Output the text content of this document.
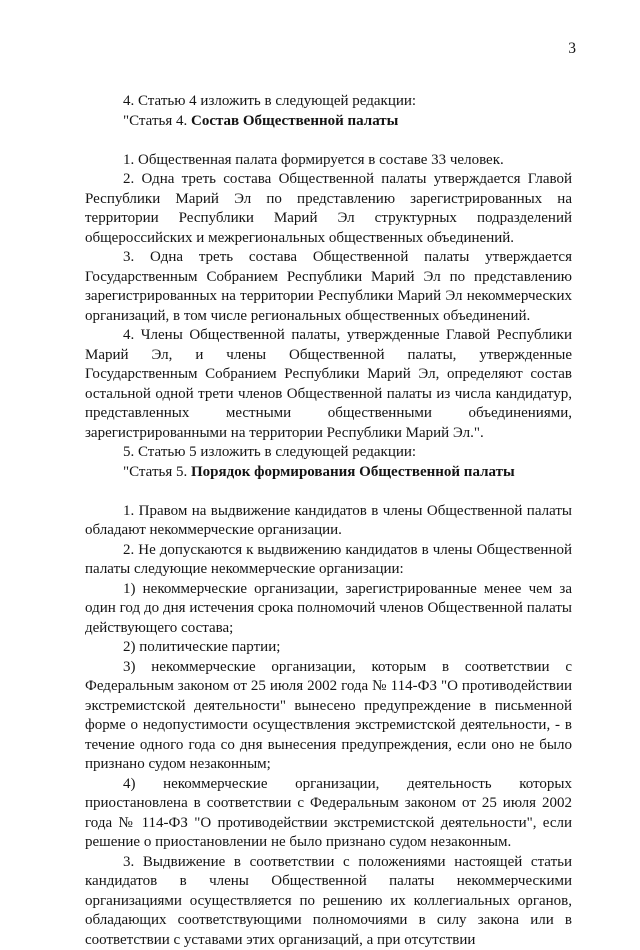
3

4. Статью 4 изложить в следующей редакции:

"Статья 4. Состав Общественной палаты

1. Общественная палата формируется в составе 33 человек.

2. Одна треть состава Общественной палаты утверждается Главой Республики Марий Эл по представлению зарегистрированных на территории Республики Марий Эл структурных подразделений общероссийских и межрегиональных общественных объединений.

3. Одна треть состава Общественной палаты утверждается Государственным Собранием Республики Марий Эл по представлению зарегистрированных на территории Республики Марий Эл некоммерческих организаций, в том числе региональных общественных объединений.

4. Члены Общественной палаты, утвержденные Главой Республики Марий Эл, и члены Общественной палаты, утвержденные Государственным Собранием Республики Марий Эл, определяют состав остальной одной трети членов Общественной палаты из числа кандидатур, представленных местными общественными объединениями, зарегистрированными на территории Республики Марий Эл.".

5. Статью 5 изложить в следующей редакции:

"Статья 5. Порядок формирования Общественной палаты

1. Правом на выдвижение кандидатов в члены Общественной палаты обладают некоммерческие организации.

2. Не допускаются к выдвижению кандидатов в члены Общественной палаты следующие некоммерческие организации:

1) некоммерческие организации, зарегистрированные менее чем за один год до дня истечения срока полномочий членов Общественной палаты действующего состава;

2) политические партии;

3) некоммерческие организации, которым в соответствии с Федеральным законом от 25 июля 2002 года № 114-ФЗ "О противодействии экстремистской деятельности" вынесено предупреждение в письменной форме о недопустимости осуществления экстремистской деятельности, - в течение одного года со дня вынесения предупреждения, если оно не было признано судом незаконным;

4) некоммерческие организации, деятельность которых приостановлена в соответствии с Федеральным законом от 25 июля 2002 года № 114-ФЗ "О противодействии экстремистской деятельности", если решение о приостановлении не было признано судом незаконным.

3. Выдвижение в соответствии с положениями настоящей статьи кандидатов в члены Общественной палаты некоммерческими организациями осуществляется по решению их коллегиальных органов, обладающих соответствующими полномочиями в силу закона или в соответствии с уставами этих организаций, а при отсутствии
